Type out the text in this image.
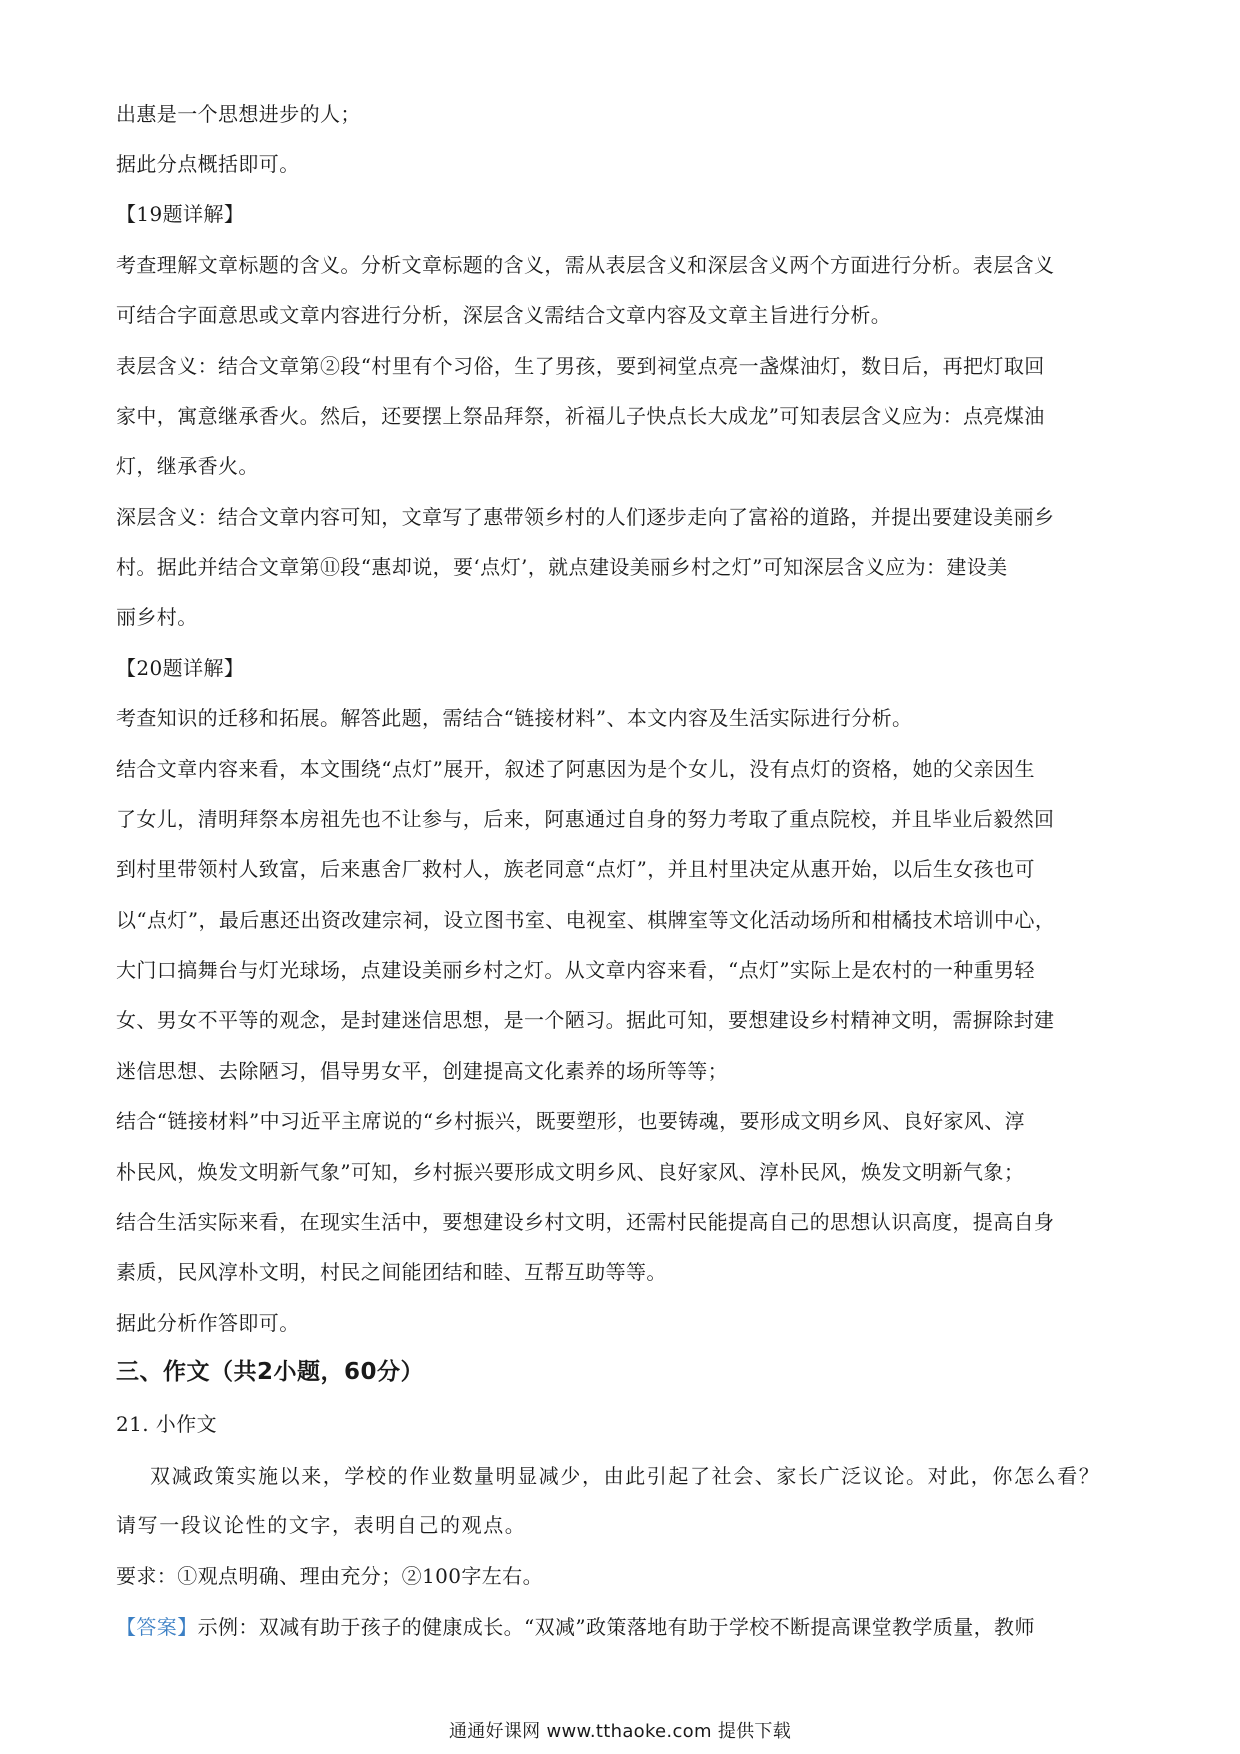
出惠是一个思想进步的人；
据此分点概括即可。
【19题详解】
考查理解文章标题的含义。分析文章标题的含义，需从表层含义和深层含义两个方面进行分析。表层含义
可结合字面意思或文章内容进行分析，深层含义需结合文章内容及文章主旨进行分析。
表层含义：结合文章第②段“村里有个习俗，生了男孩，要到祠堂点亮一盏煤油灯，数日后，再把灯取回
家中，寓意继承香火。然后，还要摆上祭品拜祭，祈福儿子快点长大成龙”可知表层含义应为：点亮煤油
灯，继承香火。
深层含义：结合文章内容可知，文章写了惠带领乡村的人们逐步走向了富裕的道路，并提出要建设美丽乡
村。据此并结合文章第⑪段“惠却说，要‘点灯’，就点建设美丽乡村之灯”可知深层含义应为：建设美
丽乡村。
【20题详解】
考查知识的迁移和拓展。解答此题，需结合“链接材料”、本文内容及生活实际进行分析。
结合文章内容来看，本文围绕“点灯”展开，叙述了阿惠因为是个女儿，没有点灯的资格，她的父亲因生
了女儿，清明拜祭本房祖先也不让参与，后来，阿惠通过自身的努力考取了重点院校，并且毕业后毅然回
到村里带领村人致富，后来惠舍厂救村人，族老同意“点灯”，并且村里决定从惠开始，以后生女孩也可
以“点灯”，最后惠还出资改建宗祠，设立图书室、电视室、棋牌室等文化活动场所和柑橘技术培训中心，
大门口搞舞台与灯光球场，点建设美丽乡村之灯。从文章内容来看，“点灯”实际上是农村的一种重男轻
女、男女不平等的观念，是封建迷信思想，是一个陋习。据此可知，要想建设乡村精神文明，需摒除封建
迷信思想、去除陋习，倡导男女平，创建提高文化素养的场所等等；
结合“链接材料”中习近平主席说的“乡村振兴，既要塑形，也要铸魂，要形成文明乡风、良好家风、淳
朴民风，焕发文明新气象”可知，乡村振兴要形成文明乡风、良好家风、淳朴民风，焕发文明新气象；
结合生活实际来看，在现实生活中，要想建设乡村文明，还需村民能提高自己的思想认识高度，提高自身
素质，民风淳朴文明，村民之间能团结和睦、互帮互助等等。
据此分析作答即可。
三、作文（共2小题，60分）
21. 小作文
双减政策实施以来，学校的作业数量明显减少，由此引起了社会、家长广泛议论。对此，你怎么看？
请写一段议论性的文字，表明自己的观点。
要求：①观点明确、理由充分；②100字左右。
【答案】示例：双减有助于孩子的健康成长。“双减”政策落地有助于学校不断提高课堂教学质量，教师
通通好课网 www.tthaoke.com 提供下载
